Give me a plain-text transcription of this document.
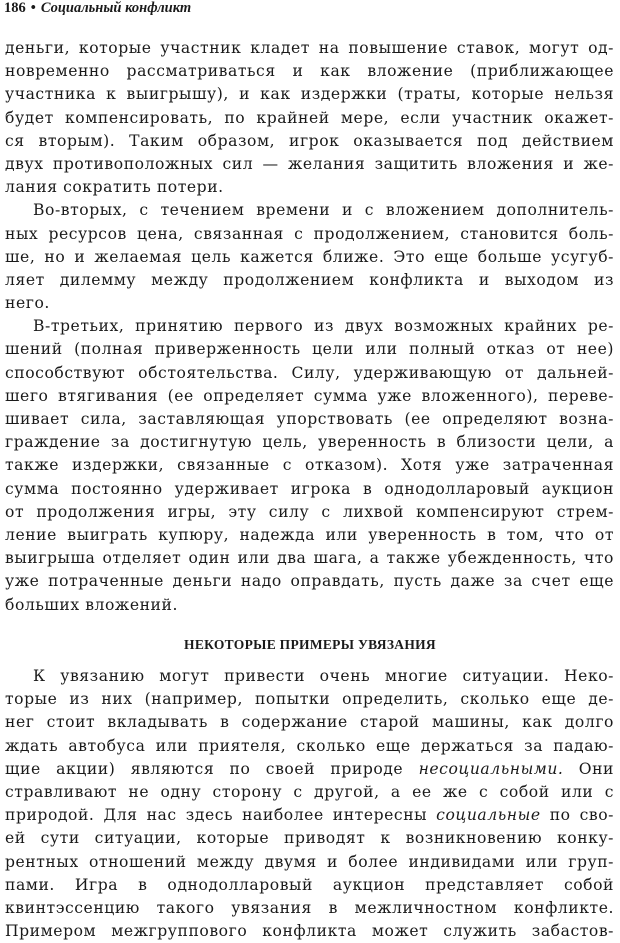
186 • Социальный конфликт
деньги, которые участник кладет на повышение ставок, могут од-
новременно рассматриваться и как вложение (приближающее
участника к выигрышу), и как издержки (траты, которые нельзя
будет компенсировать, по крайней мере, если участник окажет-
ся вторым). Таким образом, игрок оказывается под действием
двух противоположных сил — желания защитить вложения и же-
лания сократить потери.
Во-вторых, с течением времени и с вложением дополнитель-
ных ресурсов цена, связанная с продолжением, становится боль-
ше, но и желаемая цель кажется ближе. Это еще больше усугуб-
ляет дилемму между продолжением конфликта и выходом из
него.
В-третьих, принятию первого из двух возможных крайних ре-
шений (полная приверженность цели или полный отказ от нее)
способствуют обстоятельства. Силу, удерживающую от дальней-
шего втягивания (ее определяет сумма уже вложенного), переве-
шивает сила, заставляющая упорствовать (ее определяют возна-
граждение за достигнутую цель, уверенность в близости цели, а
также издержки, связанные с отказом). Хотя уже затраченная
сумма постоянно удерживает игрока в однодолларовый аукцион
от продолжения игры, эту силу с лихвой компенсируют стрем-
ление выиграть купюру, надежда или уверенность в том, что от
выигрыша отделяет один или два шага, а также убежденность, что
уже потраченные деньги надо оправдать, пусть даже за счет еще
больших вложений.
НЕКОТОРЫЕ ПРИМЕРЫ УВЯЗАНИЯ
К увязанию могут привести очень многие ситуации. Неко-
торые из них (например, попытки определить, сколько еще де-
нег стоит вкладывать в содержание старой машины, как долго
ждать автобуса или приятеля, сколько еще держаться за падаю-
щие акции) являются по своей природе несоциальными. Они
стравливают не одну сторону с другой, а ее же с собой или с
природой. Для нас здесь наиболее интересны социальные по сво-
ей сути ситуации, которые приводят к возникновению конку-
рентных отношений между двумя и более индивидами или груп-
пами. Игра в однодолларовый аукцион представляет собой
квинтэссенцию такого увязания в межличностном конфликте.
Примером межгруппового конфликта может служить забастов-
